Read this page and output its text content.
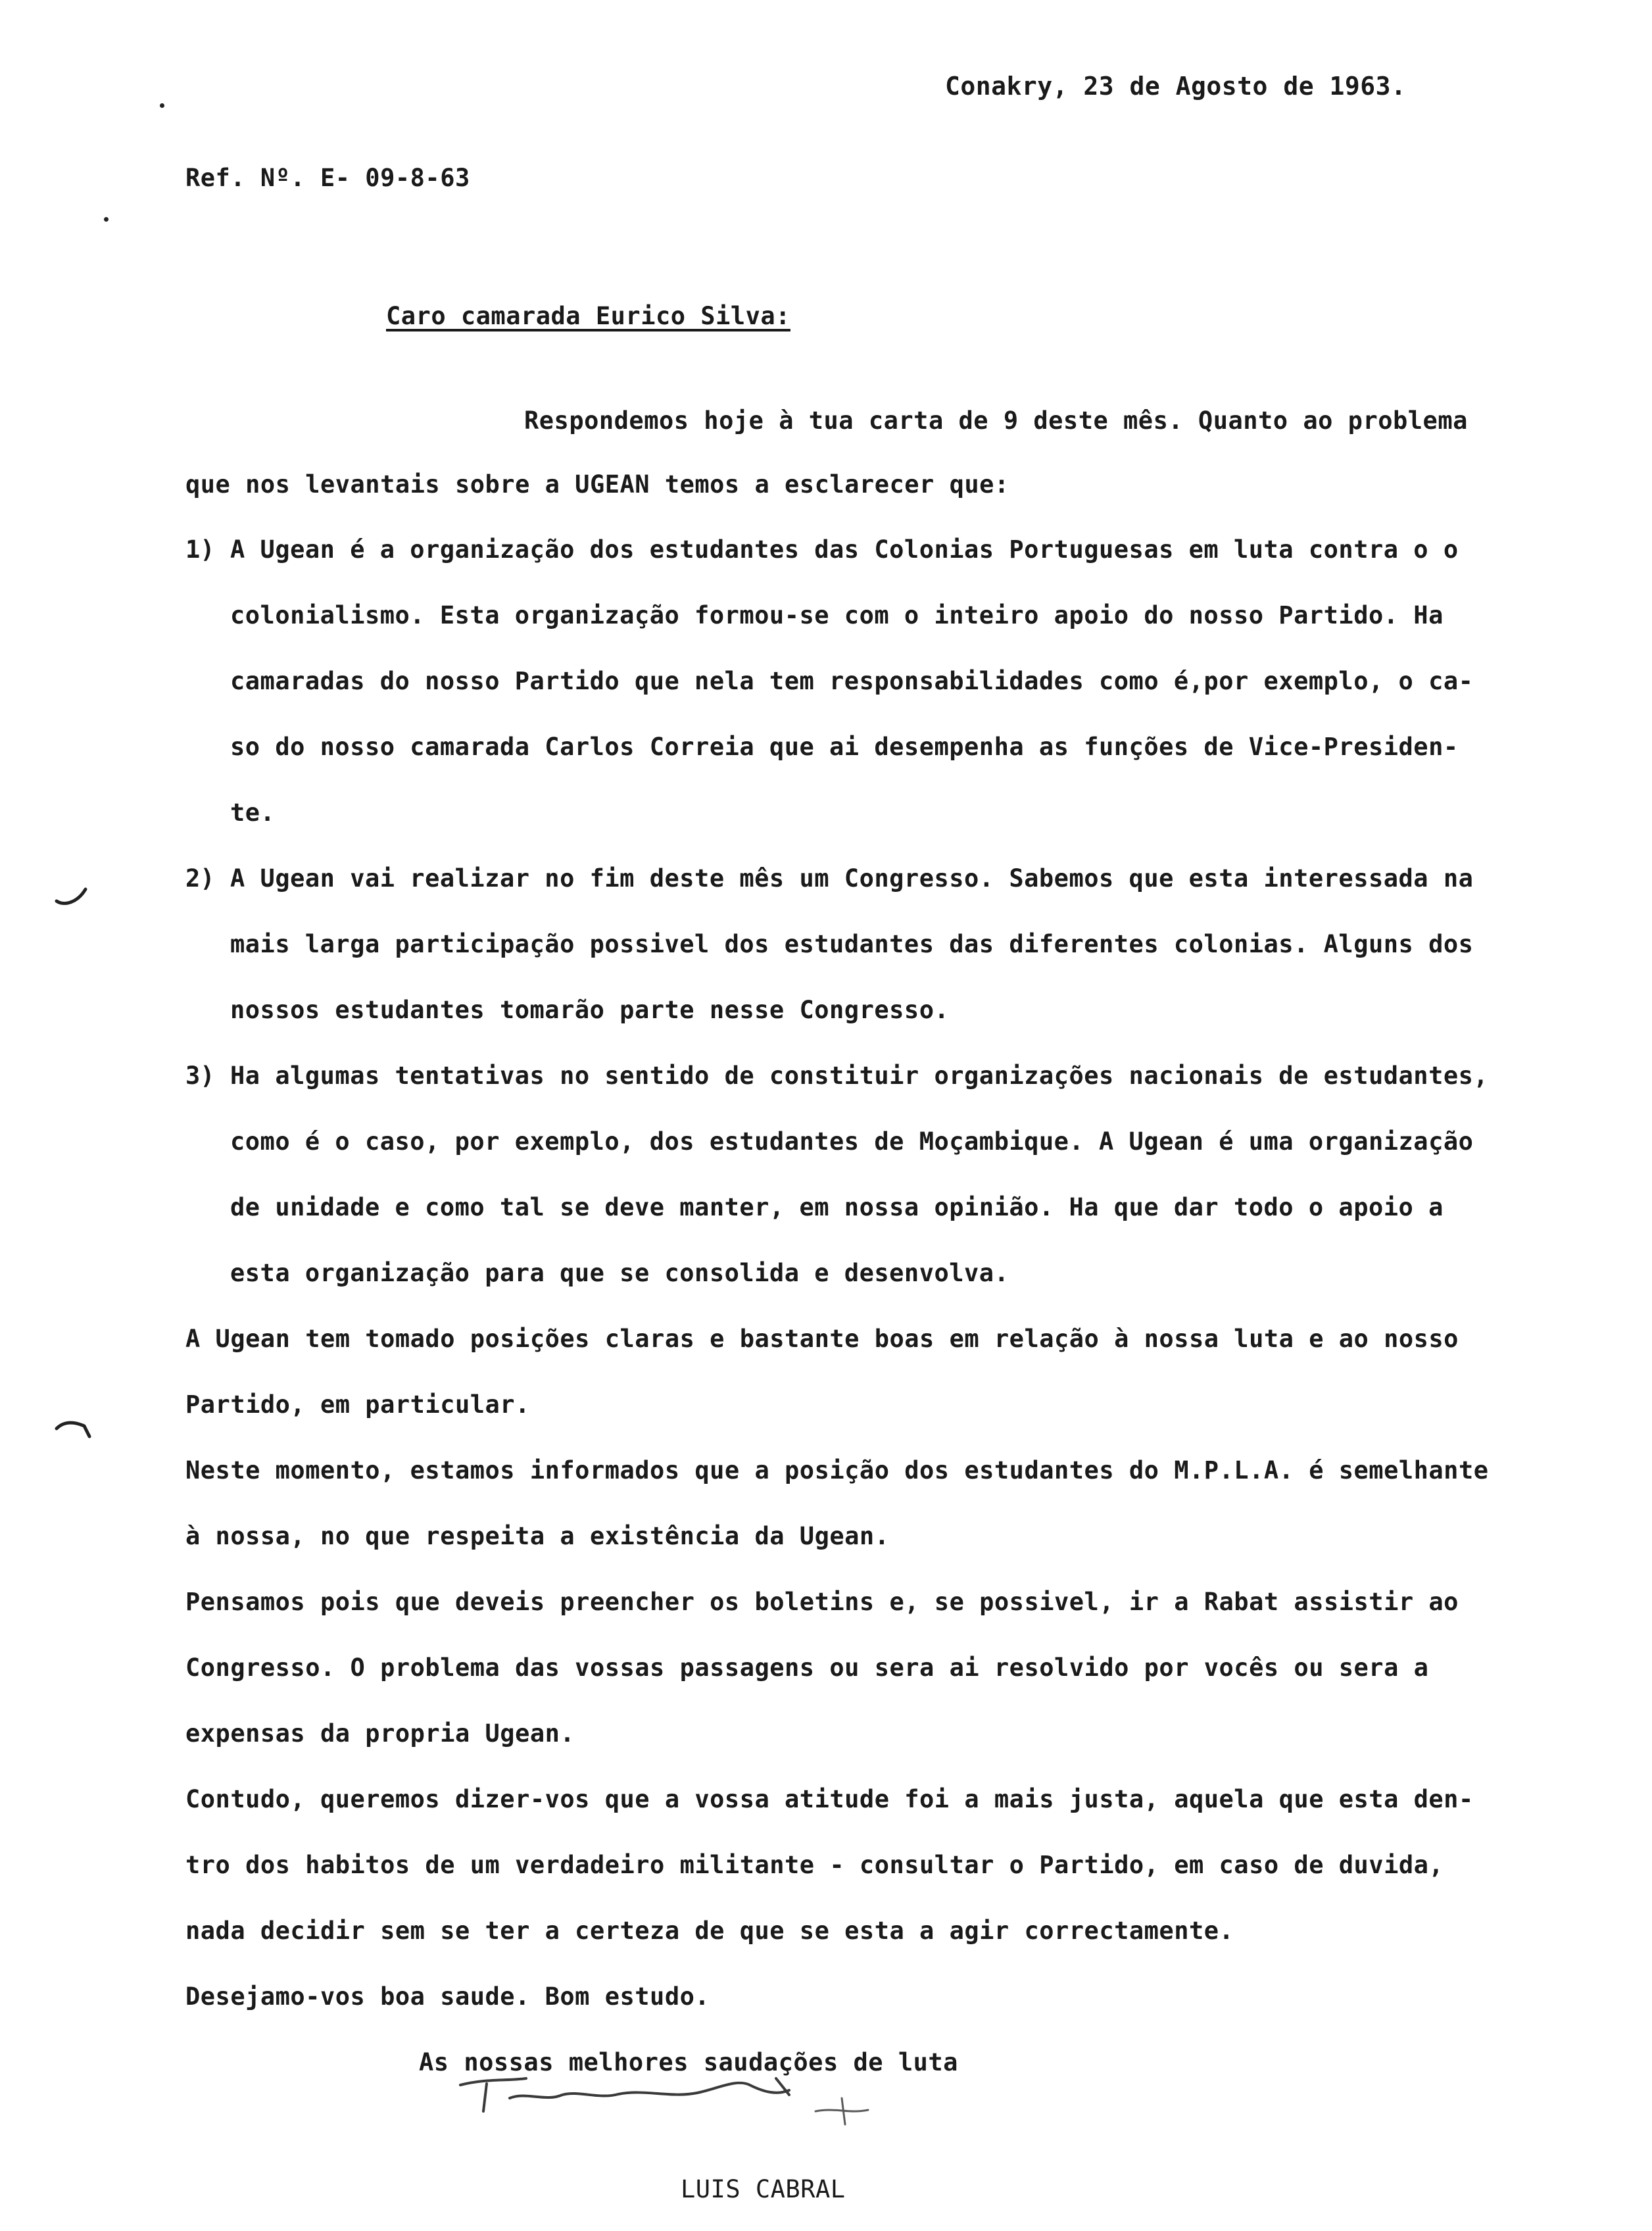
Conakry, 23 de Agosto de 1963.
Ref. Nº. E- 09-8-63
Caro camarada Eurico Silva:
Respondemos hoje à tua carta de 9 deste mês. Quanto ao problema
que nos levantais sobre a UGEAN temos a esclarecer que:
1) A Ugean é a organização dos estudantes das Colonias Portuguesas em luta contra o o
colonialismo. Esta organização formou-se com o inteiro apoio do nosso Partido. Ha
camaradas do nosso Partido que nela tem responsabilidades como é,por exemplo, o ca-
so do nosso camarada Carlos Correia que ai desempenha as funções de Vice-Presiden-
te.
2) A Ugean vai realizar no fim deste mês um Congresso. Sabemos que esta interessada na
mais larga participação possivel dos estudantes das diferentes colonias. Alguns dos
nossos estudantes tomarão parte nesse Congresso.
3) Ha algumas tentativas no sentido de constituir organizações nacionais de estudantes,
como é o caso, por exemplo, dos estudantes de Moçambique. A Ugean é uma organização
de unidade e como tal se deve manter, em nossa opinião. Ha que dar todo o apoio a
esta organização para que se consolida e desenvolva.
A Ugean tem tomado posições claras e bastante boas em relação à nossa luta e ao nosso
Partido, em particular.
Neste momento, estamos informados que a posição dos estudantes do M.P.L.A. é semelhante
à nossa, no que respeita a existência da Ugean.
Pensamos pois que deveis preencher os boletins e, se possivel, ir a Rabat assistir ao
Congresso. O problema das vossas passagens ou sera ai resolvido por vocês ou sera a
expensas da propria Ugean.
Contudo, queremos dizer-vos que a vossa atitude foi a mais justa, aquela que esta den-
tro dos habitos de um verdadeiro militante - consultar o Partido, em caso de duvida,
nada decidir sem se ter a certeza de que se esta a agir correctamente.
Desejamo-vos boa saude. Bom estudo.
As nossas melhores saudações de luta
LUIS CABRAL
